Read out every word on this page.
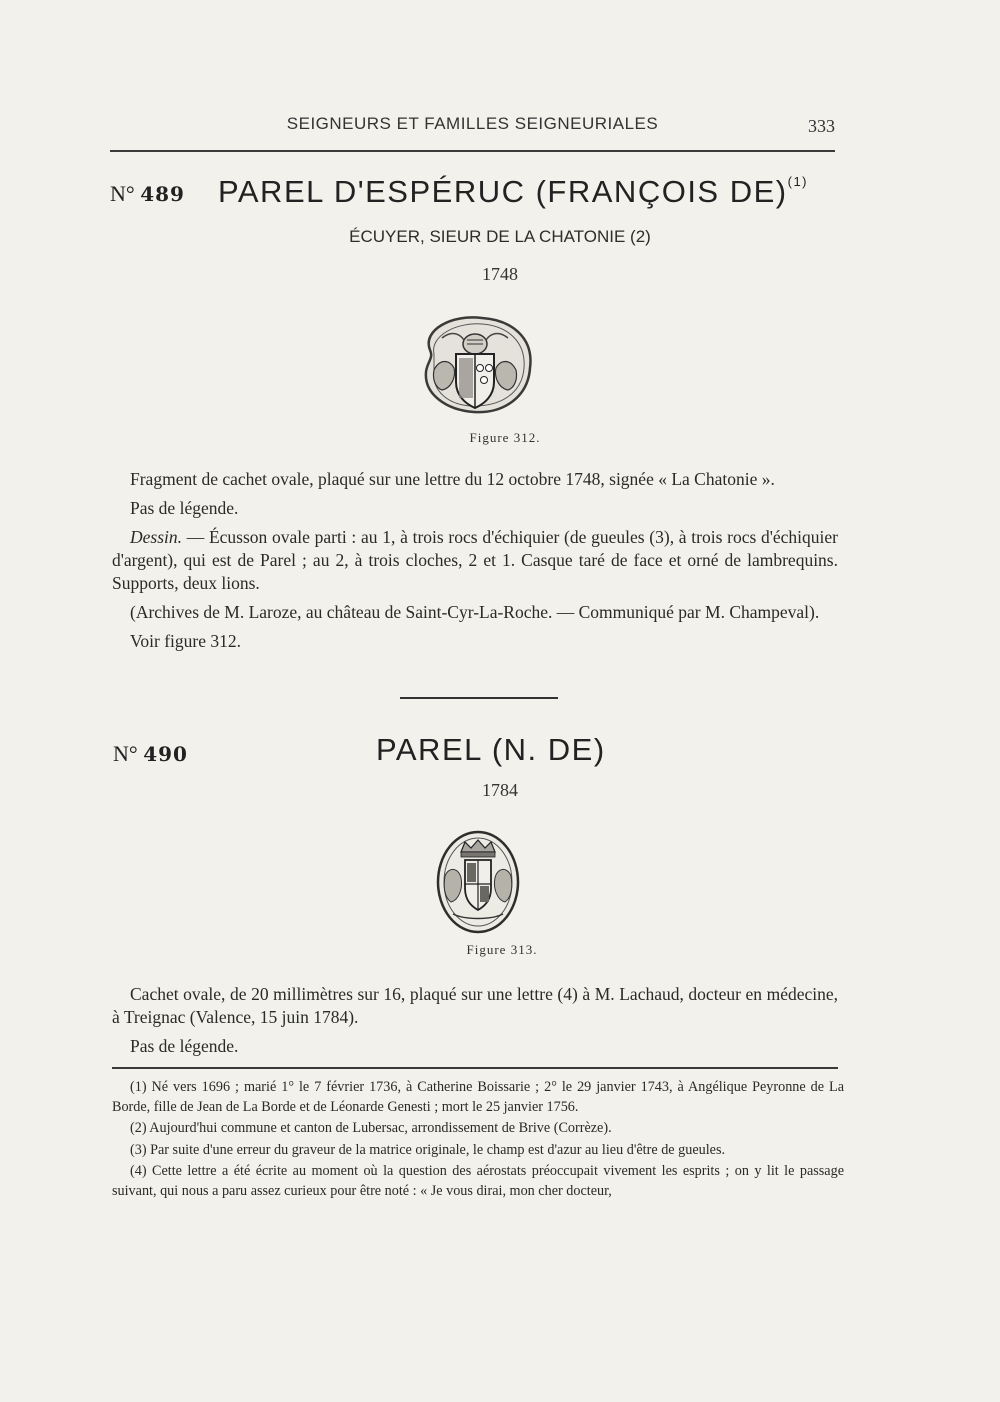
SEIGNEURS ET FAMILLES SEIGNEURIALES	333
N° 489 PAREL D'ESPÉRUC (FRANÇOIS DE)$^{(1)}$
ÉCUYER, SIEUR DE LA CHATONIE (2)
1748
Figure 312.

Fragment de cachet ovale, plaqué sur une lettre du 12 octobre 1748, signée « La Chatonie ».

Pas de légende.

Dessin. — Écusson ovale parti : au 1, à trois rocs d'échiquier (de gueules (3), à trois rocs d'échiquier d'argent), qui est de Parel ; au 2, à trois cloches, 2 et 1. Casque taré de face et orné de lambrequins. Supports, deux lions.

(Archives de M. Laroze, au château de Saint-Cyr-La-Roche. — Communiqué par M. Champeval).

Voir figure 312.

N° 490	PAREL (N. DE)
1784
Figure 313.

Cachet ovale, de 20 millimètres sur 16, plaqué sur une lettre (4) à M. Lachaud, docteur en médecine, à Treignac (Valence, 15 juin 1784).

Pas de légende.

(1) Né vers 1696 ; marié 1° le 7 février 1736, à Catherine Boissarie ; 2° le 29 janvier 1743, à Angélique Peyronne de La Borde, fille de Jean de La Borde et de Léonarde Genesti ; mort le 25 janvier 1756.

(2) Aujourd'hui commune et canton de Lubersac, arrondissement de Brive (Corrèze).

(3) Par suite d'une erreur du graveur de la matrice originale, le champ est d'azur au lieu d'être de gueules.

(4) Cette lettre a été écrite au moment où la question des aérostats préoccupait vivement les esprits ; on y lit le passage suivant, qui nous a paru assez curieux pour être noté : « Je vous dirai, mon cher docteur,
